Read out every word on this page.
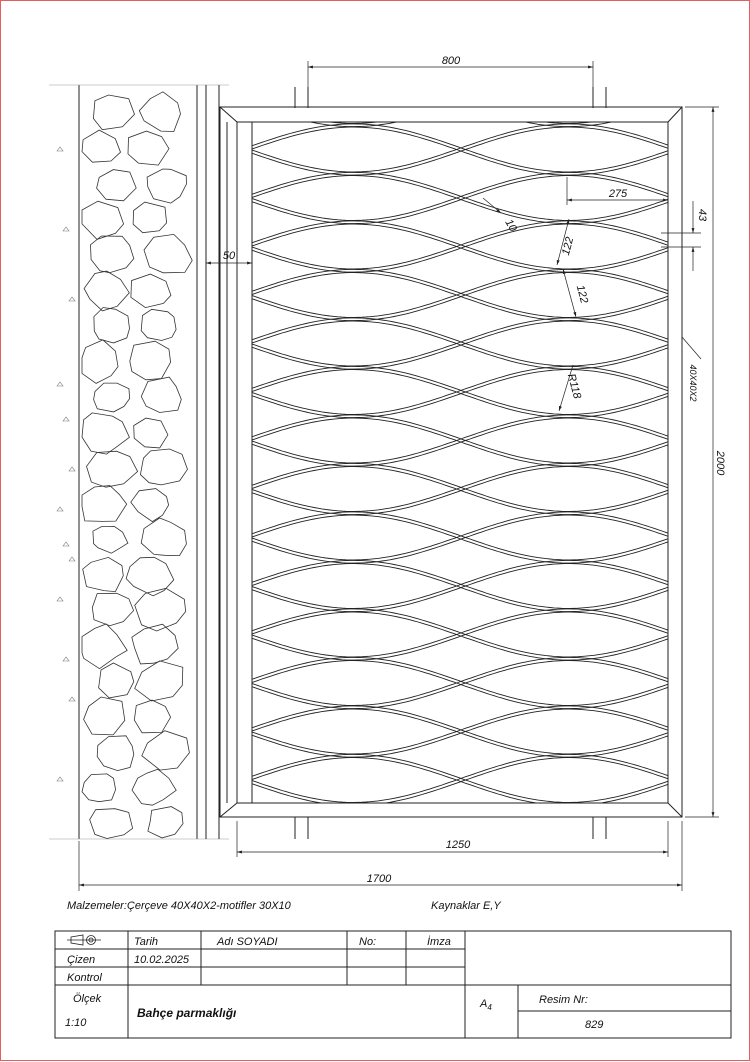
800
275
43
10
122
122
R118
50
1250
1700
2000
40X40X2
Malzemeler:Çerçeve 40X40X2-motifler 30X10	Kaynaklar E,Y
Tarih	Adı SOYADI	No:	İmza
Çizen	10.02.2025
Kontrol
Ölçek
1:10
Bahçe parmaklığı
$A_4$
Resim Nr:
829
